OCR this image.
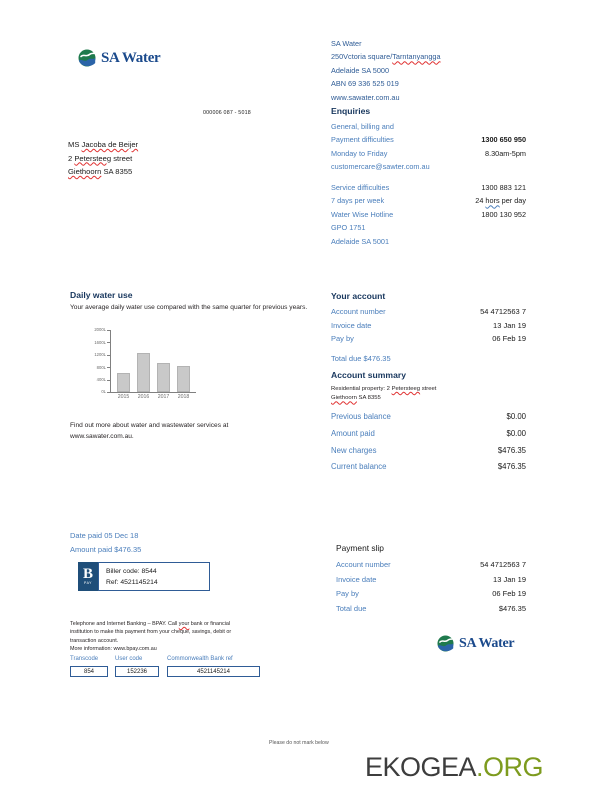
SA Water
000006 087 - 5018
MS Jacoba de Beijer
2 Petersteeg street
Giethoorn SA 8355
SA Water
250Vctoria square/Tarntanyangga
Adelaide SA 5000
ABN 69 336 525 019
www.sawater.com.au
Enquiries
General, billing and
Payment difficulties	1300 650 950
Monday to Friday	8.30am-5pm
customercare@sawter.com.au
Service difficulties	1300 883 121
7 days per week	24 hors per day
Water Wise Hotline	1800 130 952
GPO 1751
Adelaide SA 5001
Daily water use
Your average daily water use compared with the same quarter for previous years.
0L
400L
800L
1200L
1600L
2000L
2015	2016	2017	2018
Find out more about water and wastewater services at
www.sawater.com.au.
Your account
Account number	54 4712563 7
Invoice date	13 Jan 19
Pay by	06 Feb 19
Total due $476.35
Account summary
Residential property: 2 Petersteeg street
Giethoorn SA 8355
Previous balance	$0.00
Amount paid	$0.00
New charges	$476.35
Current balance	$476.35
Date paid 05 Dec 18
Amount paid $476.35
B
PAY
Biller code: 8544
Ref: 4521145214
Telephone and Internet Banking – BPAY. Call your bank or financial
institution to make this payment from your cheque, savings, debit or
transaction account.
More information: www.bpay.com.au
Transcode	User code	Commonwealth Bank ref
854	152236	4521145214
Payment slip
Account number	54 4712563 7
Invoice date	13 Jan 19
Pay by	06 Feb 19
Total due	$476.35
SA Water
Please do not mark below
EKOGEA.ORG
